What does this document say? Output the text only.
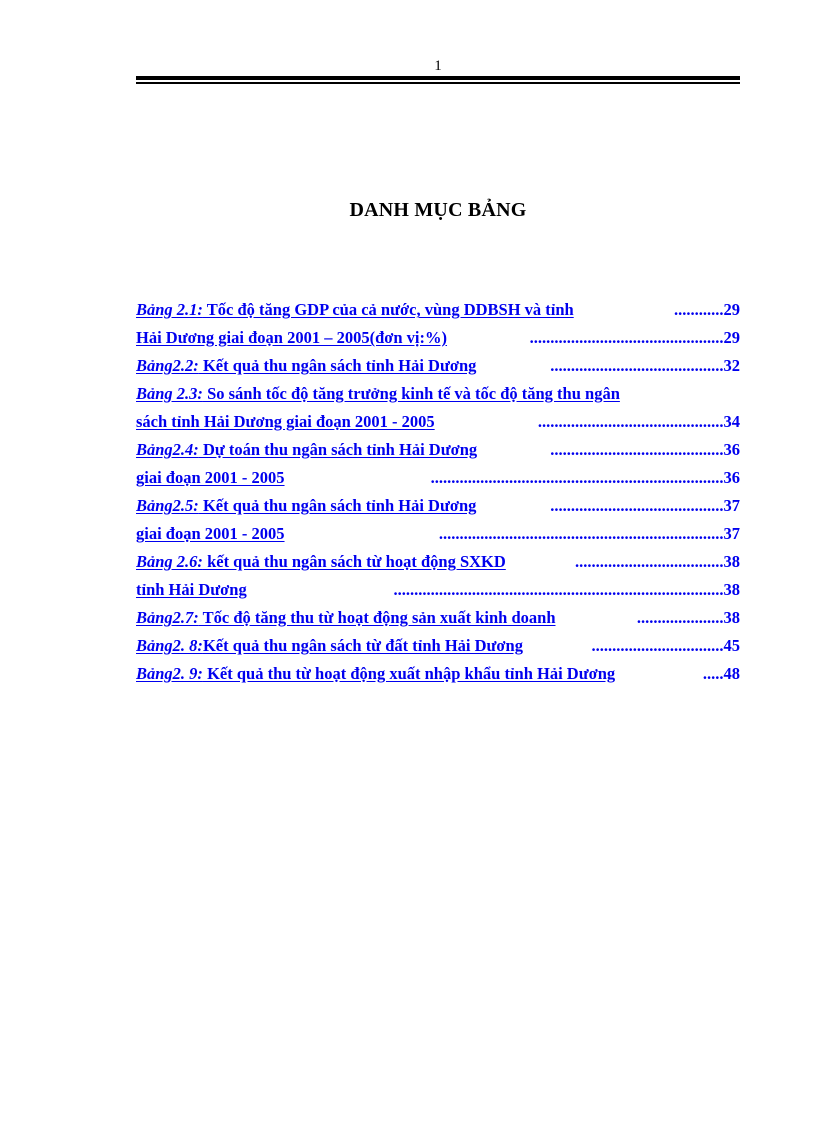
1
DANH MỤC BẢNG
Bảng 2.1: Tốc độ tăng GDP của cả nước, vùng DDBSH và tỉnh	............29
Hải Dương giai đoạn 2001 – 2005(đơn vị:%)	...............................................29
Bảng2.2: Kết quả thu ngân sách tỉnh Hải Dương	..........................................32
Bảng 2.3: So sánh tốc độ tăng trưởng kinh tế và tốc độ tăng thu ngân
sách tỉnh Hải Dương giai đoạn 2001 - 2005	.............................................34
Bảng2.4: Dự toán thu ngân sách tỉnh Hải Dương	..........................................36
giai đoạn 2001 - 2005	.......................................................................36
Bảng2.5: Kết quả thu ngân sách tỉnh Hải Dương	..........................................37
giai đoạn 2001 - 2005	.....................................................................37
Bảng 2.6: kết quả thu ngân sách từ hoạt động SXKD	....................................38
tỉnh Hải Dương	................................................................................38
Bảng2.7: Tốc độ tăng thu từ hoạt động sản xuất kinh doanh	.....................38
Bảng2. 8:Kết quả thu ngân sách từ đất tỉnh Hải Dương	................................45
Bảng2. 9: Kết quả thu từ hoạt động xuất nhập khẩu tỉnh Hải Dương	.....48
